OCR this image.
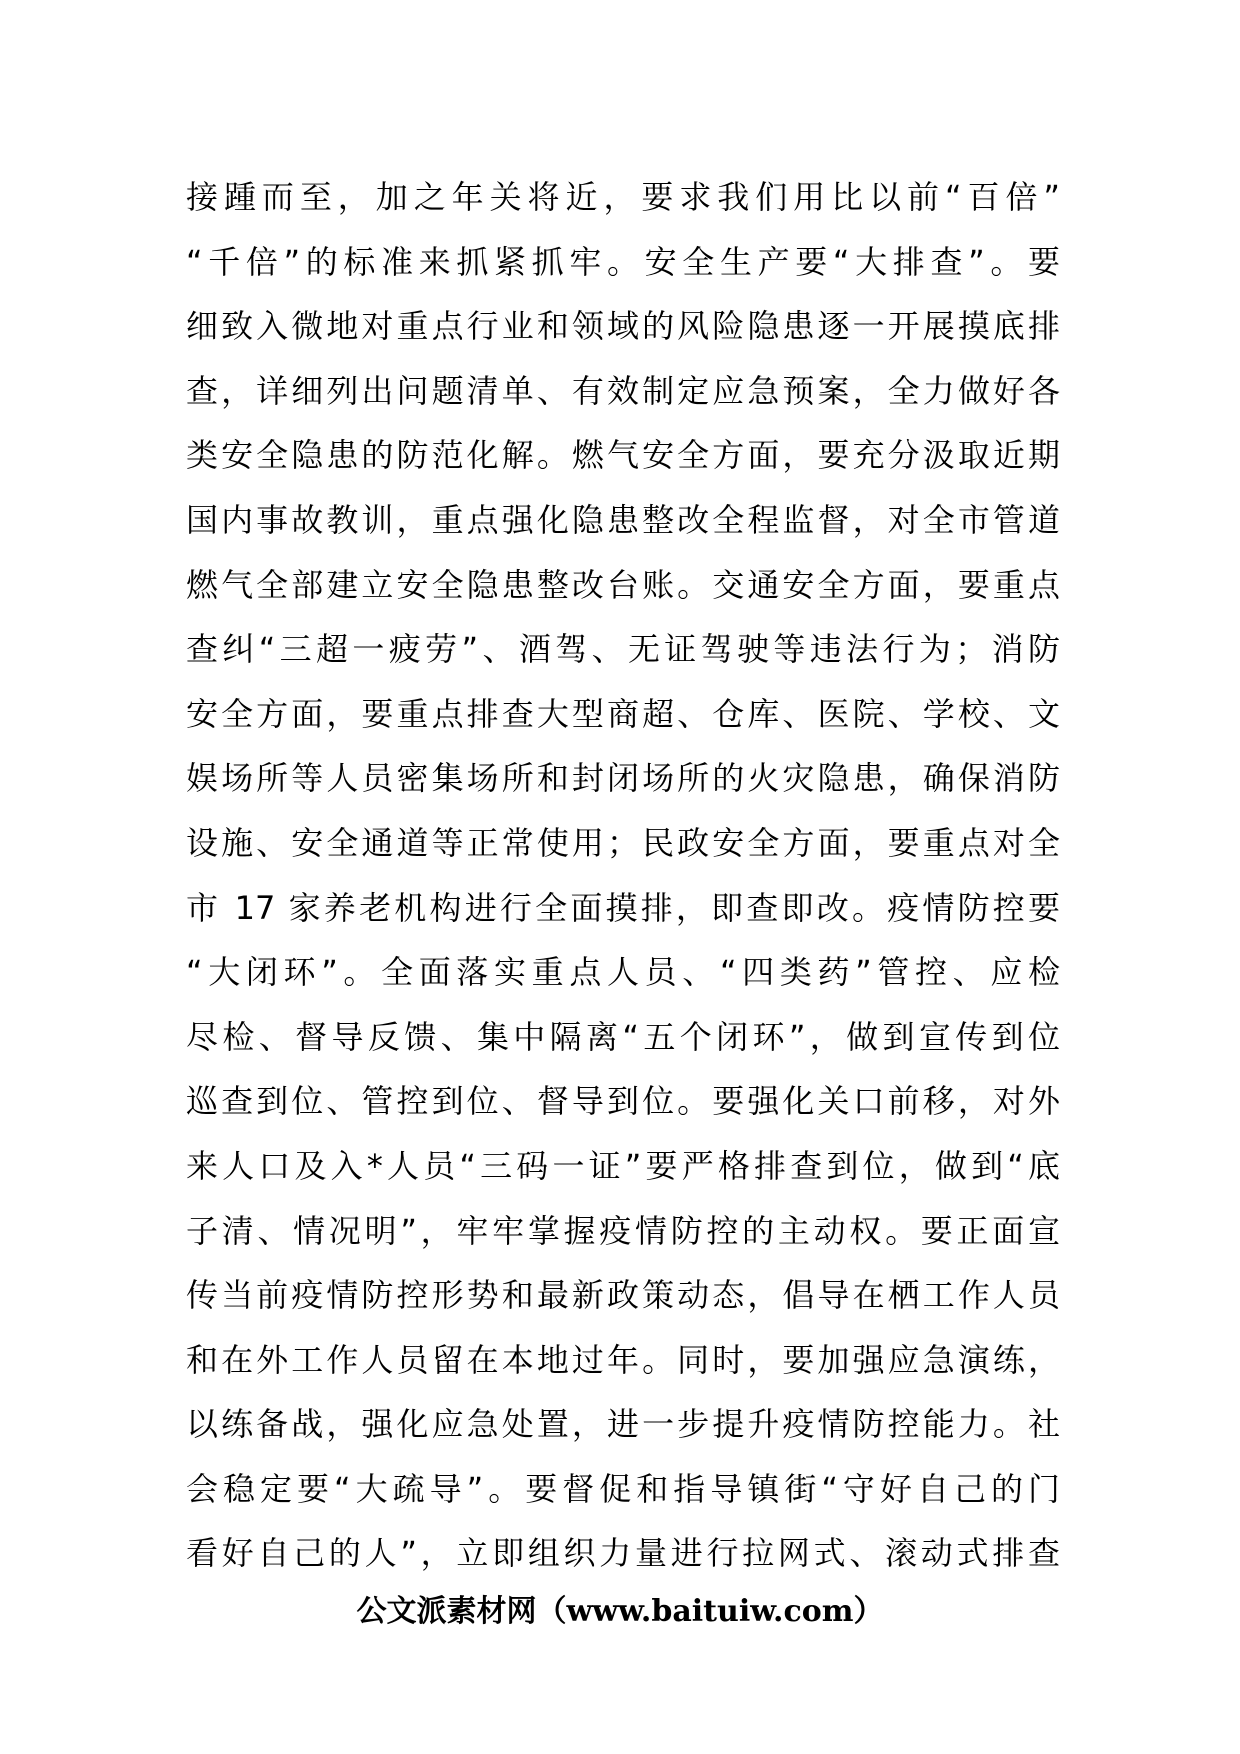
接踵而至，加之年关将近，要求我们用比以前“百倍”
“千倍”的标准来抓紧抓牢。安全生产要“大排查”。要
细致入微地对重点行业和领域的风险隐患逐一开展摸底排
查，详细列出问题清单、有效制定应急预案，全力做好各
类安全隐患的防范化解。燃气安全方面，要充分汲取近期
国内事故教训，重点强化隐患整改全程监督，对全市管道
燃气全部建立安全隐患整改台账。交通安全方面，要重点
查纠“三超一疲劳”、酒驾、无证驾驶等违法行为；消防
安全方面，要重点排查大型商超、仓库、医院、学校、文
娱场所等人员密集场所和封闭场所的火灾隐患，确保消防
设施、安全通道等正常使用；民政安全方面，要重点对全
市 17 家养老机构进行全面摸排，即查即改。疫情防控要
“大闭环”。全面落实重点人员、“四类药”管控、应检
尽检、督导反馈、集中隔离“五个闭环”，做到宣传到位
巡查到位、管控到位、督导到位。要强化关口前移，对外
来人口及入*人员“三码一证”要严格排查到位，做到“底
子清、情况明”，牢牢掌握疫情防控的主动权。要正面宣
传当前疫情防控形势和最新政策动态，倡导在栖工作人员
和在外工作人员留在本地过年。同时，要加强应急演练，
以练备战，强化应急处置，进一步提升疫情防控能力。社
会稳定要“大疏导”。要督促和指导镇街“守好自己的门
看好自己的人”，立即组织力量进行拉网式、滚动式排查
公文派素材网（www.baituiw.com）
